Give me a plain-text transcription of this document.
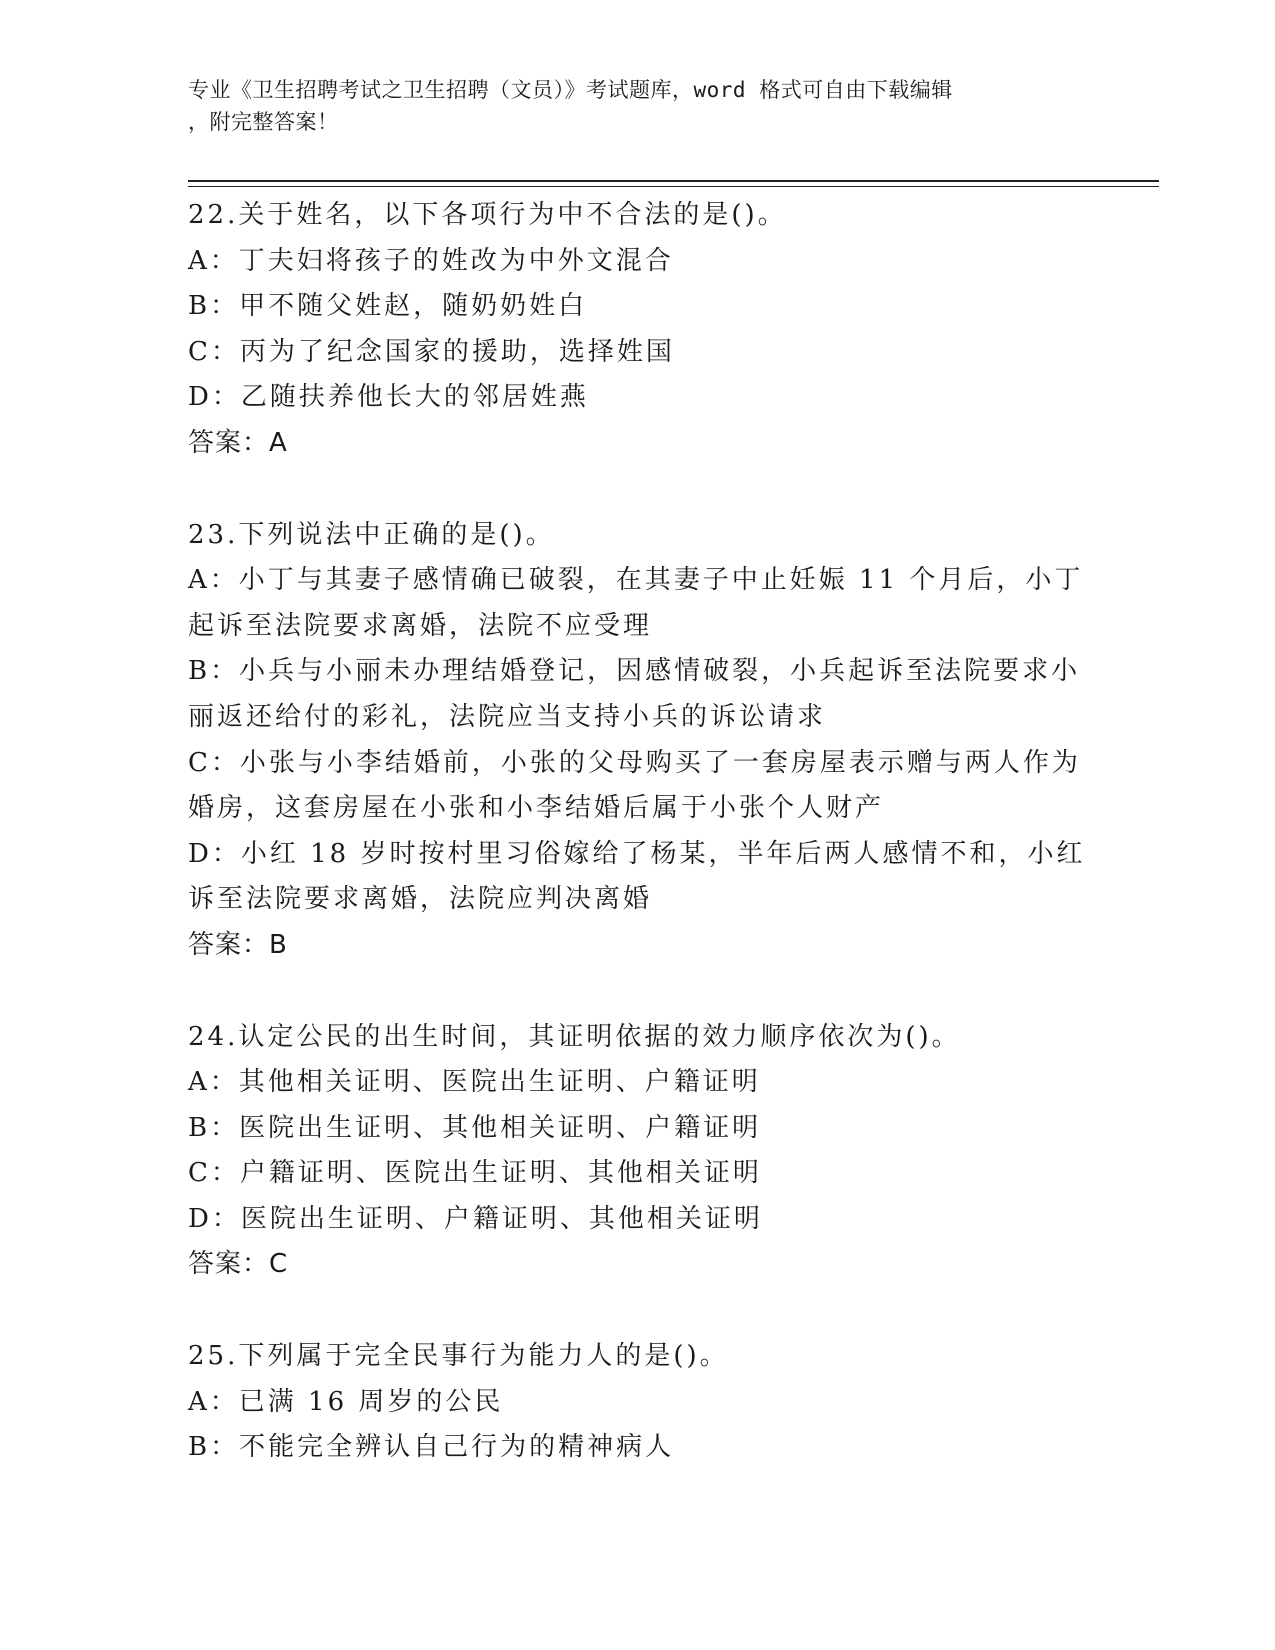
专业《卫生招聘考试之卫生招聘（文员）》考试题库，word 格式可自由下载编辑
，附完整答案！
22.关于姓名，以下各项行为中不合法的是()。
A：丁夫妇将孩子的姓改为中外文混合
B：甲不随父姓赵，随奶奶姓白
C：丙为了纪念国家的援助，选择姓国
D：乙随扶养他长大的邻居姓燕
答案：A
23.下列说法中正确的是()。
A：小丁与其妻子感情确已破裂，在其妻子中止妊娠 11 个月后，小丁
起诉至法院要求离婚，法院不应受理
B：小兵与小丽未办理结婚登记，因感情破裂，小兵起诉至法院要求小
丽返还给付的彩礼，法院应当支持小兵的诉讼请求
C：小张与小李结婚前，小张的父母购买了一套房屋表示赠与两人作为
婚房，这套房屋在小张和小李结婚后属于小张个人财产
D：小红 18 岁时按村里习俗嫁给了杨某，半年后两人感情不和，小红
诉至法院要求离婚，法院应判决离婚
答案：B
24.认定公民的出生时间，其证明依据的效力顺序依次为()。
A：其他相关证明、医院出生证明、户籍证明
B：医院出生证明、其他相关证明、户籍证明
C：户籍证明、医院出生证明、其他相关证明
D：医院出生证明、户籍证明、其他相关证明
答案：C
25.下列属于完全民事行为能力人的是()。
A：已满 16 周岁的公民
B：不能完全辨认自己行为的精神病人
